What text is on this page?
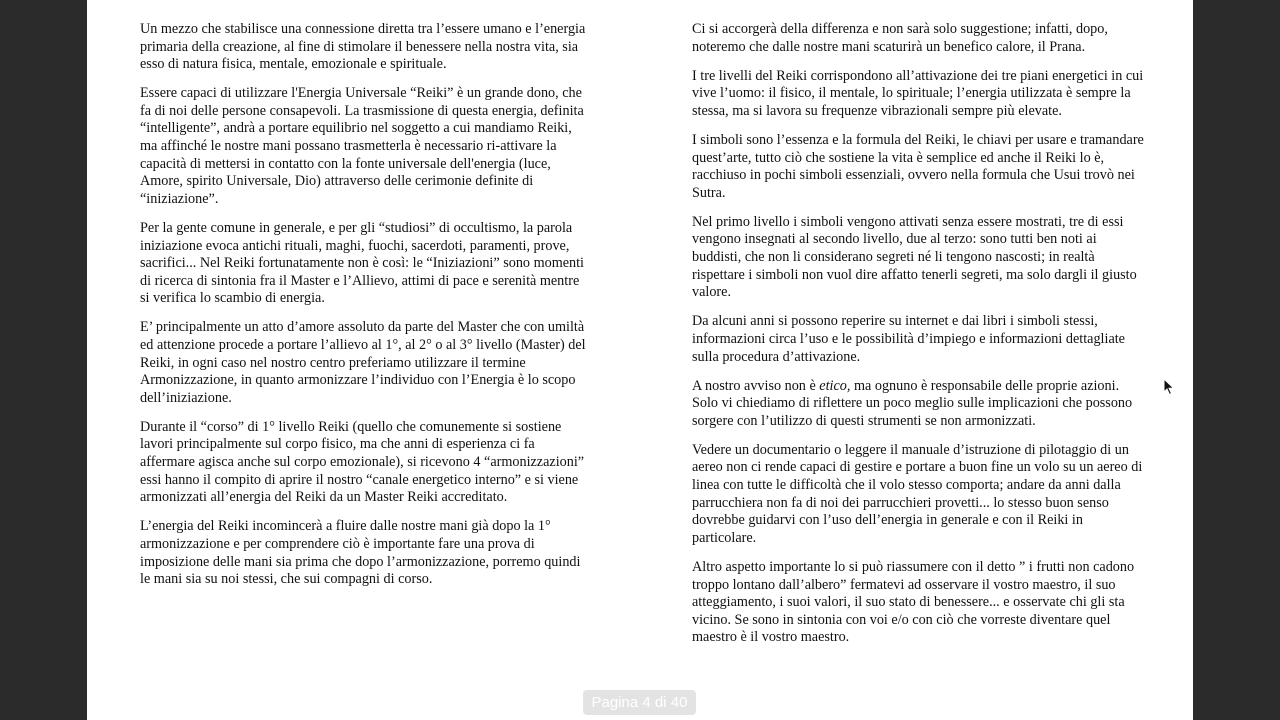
Un mezzo che stabilisce una connessione diretta tra l’essere umano e l’energia primaria della creazione, al fine di stimolare il benessere nella nostra vita, sia esso di natura fisica, mentale, emozionale e spirituale.

Essere capaci di utilizzare l'Energia Universale “Reiki” è un grande dono, che fa di noi delle persone consapevoli. La trasmissione di questa energia, definita “intelligente”, andrà a portare equilibrio nel soggetto a cui mandiamo Reiki, ma affinché le nostre mani possano trasmetterla è necessario ri-attivare la capacità di mettersi in contatto con la fonte universale dell'energia (luce, Amore, spirito Universale, Dio) attraverso delle cerimonie definite di “iniziazione”.

Per la gente comune in generale, e per gli “studiosi” di occultismo, la parola iniziazione evoca antichi rituali, maghi, fuochi, sacerdoti, paramenti, prove, sacrifici... Nel Reiki fortunatamente non è così: le “Iniziazioni” sono momenti di ricerca di sintonia fra il Master e l’Allievo, attimi di pace e serenità mentre si verifica lo scambio di energia.

E’ principalmente un atto d’amore assoluto da parte del Master che con umiltà ed attenzione procede a portare l’allievo al 1°, al 2° o al 3° livello (Master) del Reiki, in ogni caso nel nostro centro preferiamo utilizzare il termine Armonizzazione, in quanto armonizzare l’individuo con l’Energia è lo scopo dell’iniziazione.

Durante il “corso” di 1° livello Reiki (quello che comunemente si sostiene lavori principalmente sul corpo fisico, ma che anni di esperienza ci fa affermare agisca anche sul corpo emozionale), si ricevono 4 “armonizzazioni” essi hanno il compito di aprire il nostro “canale energetico interno” e si viene armonizzati all’energia del Reiki da un Master Reiki accreditato.

L’energia del Reiki incomincerà a fluire dalle nostre mani già dopo la 1° armonizzazione e per comprendere ciò è importante fare una prova di imposizione delle mani sia prima che dopo l’armonizzazione, porremo quindi le mani sia su noi stessi, che sui compagni di corso.

Ci si accorgerà della differenza e non sarà solo suggestione; infatti, dopo, noteremo che dalle nostre mani scaturirà un benefico calore, il Prana.

I tre livelli del Reiki corrispondono all’attivazione dei tre piani energetici in cui vive l’uomo: il fisico, il mentale, lo spirituale; l’energia utilizzata è sempre la stessa, ma si lavora su frequenze vibrazionali sempre più elevate.

I simboli sono l’essenza e la formula del Reiki, le chiavi per usare e tramandare quest’arte, tutto ciò che sostiene la vita è semplice ed anche il Reiki lo è, racchiuso in pochi simboli essenziali, ovvero nella formula che Usui trovò nei Sutra.

Nel primo livello i simboli vengono attivati senza essere mostrati, tre di essi vengono insegnati al secondo livello, due al terzo: sono tutti ben noti ai buddisti, che non li considerano segreti né li tengono nascosti; in realtà rispettare i simboli non vuol dire affatto tenerli segreti, ma solo dargli il giusto valore.

Da alcuni anni si possono reperire su internet e dai libri i simboli stessi, informazioni circa l’uso e le possibilità d’impiego e informazioni dettagliate sulla procedura d’attivazione.

A nostro avviso non è etico, ma ognuno è responsabile delle proprie azioni. Solo vi chiediamo di riflettere un poco meglio sulle implicazioni che possono sorgere con l’utilizzo di questi strumenti se non armonizzati.

Vedere un documentario o leggere il manuale d’istruzione di pilotaggio di un aereo non ci rende capaci di gestire e portare a buon fine un volo su un aereo di linea con tutte le difficoltà che il volo stesso comporta; andare da anni dalla parrucchiera non fa di noi dei parrucchieri provetti... lo stesso buon senso dovrebbe guidarvi con l’uso dell’energia in generale e con il Reiki in particolare.

Altro aspetto importante lo si può riassumere con il detto ” i frutti non cadono troppo lontano dall’albero” fermatevi ad osservare il vostro maestro, il suo atteggiamento, i suoi valori, il suo stato di benessere... e osservate chi gli sta vicino. Se sono in sintonia con voi e/o con ciò che vorreste diventare quel maestro è il vostro maestro.

Pagina 4 di 40
